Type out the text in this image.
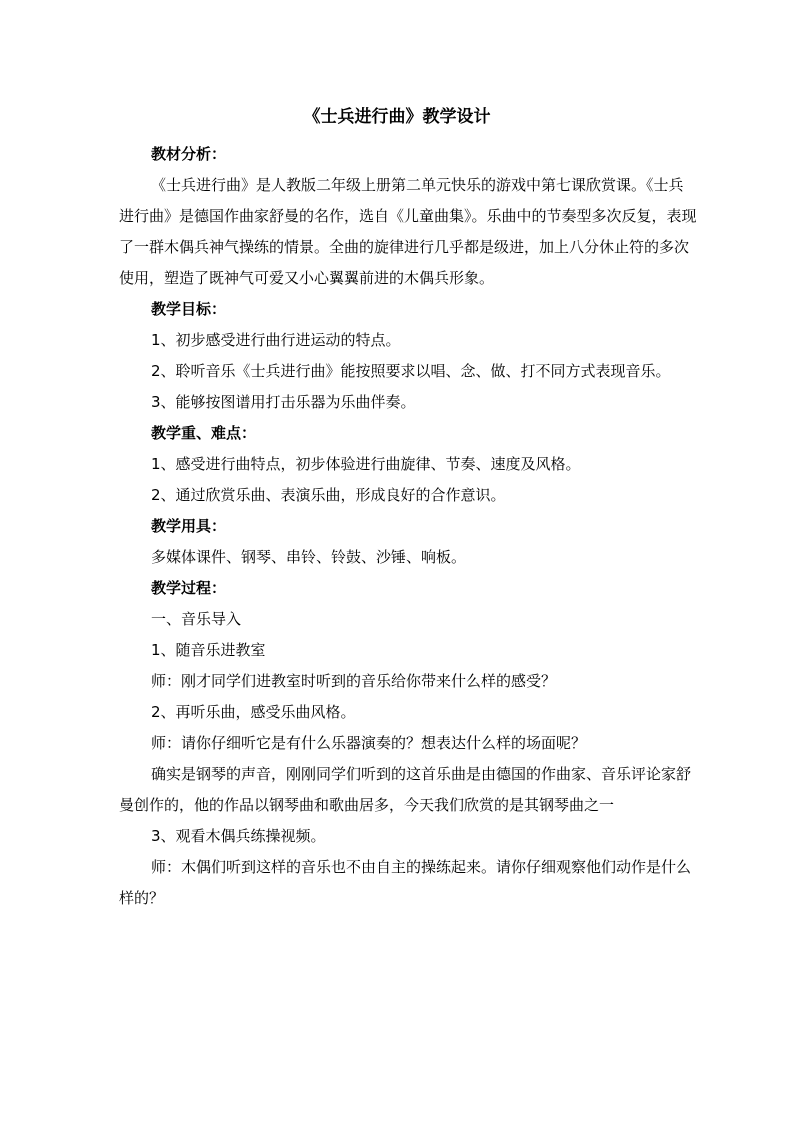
《士兵进行曲》教学设计

教材分析：

《士兵进行曲》是人教版二年级上册第二单元快乐的游戏中第七课欣赏课。《士兵进行曲》是德国作曲家舒曼的名作，选自《儿童曲集》。乐曲中的节奏型多次反复，表现了一群木偶兵神气操练的情景。全曲的旋律进行几乎都是级进，加上八分休止符的多次使用，塑造了既神气可爱又小心翼翼前进的木偶兵形象。

教学目标：

1、初步感受进行曲行进运动的特点。

2、聆听音乐《士兵进行曲》能按照要求以唱、念、做、打不同方式表现音乐。

3、能够按图谱用打击乐器为乐曲伴奏。

教学重、难点：

1、感受进行曲特点，初步体验进行曲旋律、节奏、速度及风格。

2、通过欣赏乐曲、表演乐曲，形成良好的合作意识。

教学用具：

多媒体课件、钢琴、串铃、铃鼓、沙锤、响板。

教学过程：

一、音乐导入

1、随音乐进教室

师：刚才同学们进教室时听到的音乐给你带来什么样的感受？

2、再听乐曲，感受乐曲风格。

师：请你仔细听它是有什么乐器演奏的？想表达什么样的场面呢？

确实是钢琴的声音，刚刚同学们听到的这首乐曲是由德国的作曲家、音乐评论家舒曼创作的，他的作品以钢琴曲和歌曲居多，今天我们欣赏的是其钢琴曲之一

3、观看木偶兵练操视频。

师：木偶们听到这样的音乐也不由自主的操练起来。请你仔细观察他们动作是什么样的？
